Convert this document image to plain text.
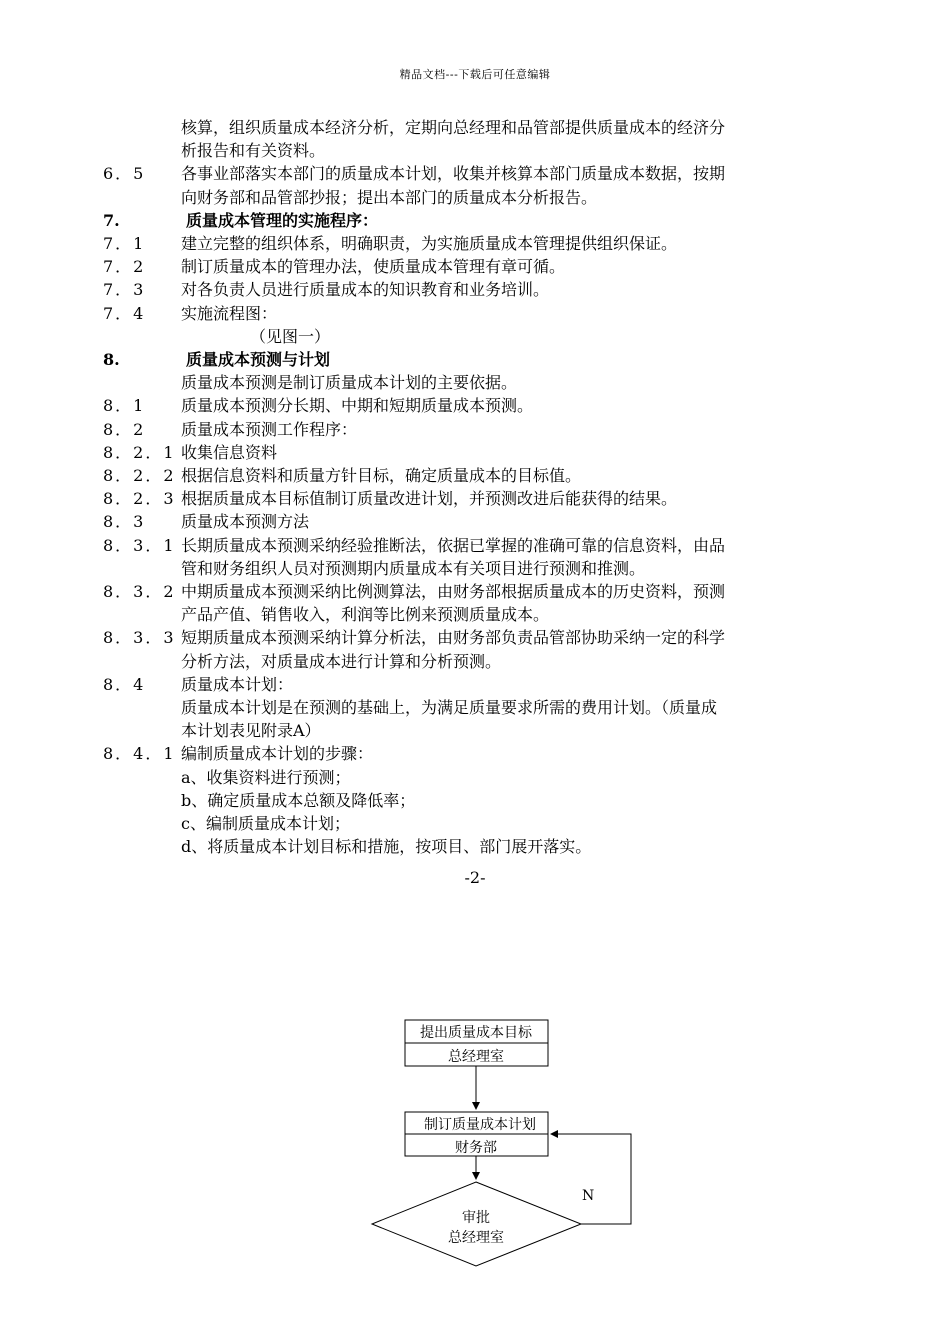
精品文档---下载后可任意编辑
核算，组织质量成本经济分析，定期向总经理和品管部提供质量成本的经济分
析报告和有关资料。
6．5 各事业部落实本部门的质量成本计划，收集并核算本部门质量成本数据，按期
向财务部和品管部抄报；提出本部门的质量成本分析报告。
7.	质量成本管理的实施程序：
7．1 建立完整的组织体系，明确职责，为实施质量成本管理提供组织保证。
7．2 制订质量成本的管理办法，使质量成本管理有章可循。
7．3 对各负责人员进行质量成本的知识教育和业务培训。
7．4 实施流程图：
（见图一）
8.	质量成本预测与计划
质量成本预测是制订质量成本计划的主要依据。
8．1 质量成本预测分长期、中期和短期质量成本预测。
8．2 质量成本预测工作程序：
8．2．1 收集信息资料
8．2．2 根据信息资料和质量方针目标，确定质量成本的目标值。
8．2．3 根据质量成本目标值制订质量改进计划，并预测改进后能获得的结果。
8．3 质量成本预测方法
8．3．1 长期质量成本预测采纳经验推断法，依据已掌握的准确可靠的信息资料，由品
管和财务组织人员对预测期内质量成本有关项目进行预测和推测。
8．3．2 中期质量成本预测采纳比例测算法，由财务部根据质量成本的历史资料，预测
产品产值、销售收入，利润等比例来预测质量成本。
8．3．3 短期质量成本预测采纳计算分析法，由财务部负责品管部协助采纳一定的科学
分析方法，对质量成本进行计算和分析预测。
8．4 质量成本计划：
质量成本计划是在预测的基础上，为满足质量要求所需的费用计划。（质量成
本计划表见附录A）
8．4．1 编制质量成本计划的步骤：
a、收集资料进行预测；
b、确定质量成本总额及降低率；
c、编制质量成本计划；
d、将质量成本计划目标和措施，按项目、部门展开落实。
-2-
提出质量成本目标
总经理室
制订质量成本计划
财务部
审批
总经理室
N
